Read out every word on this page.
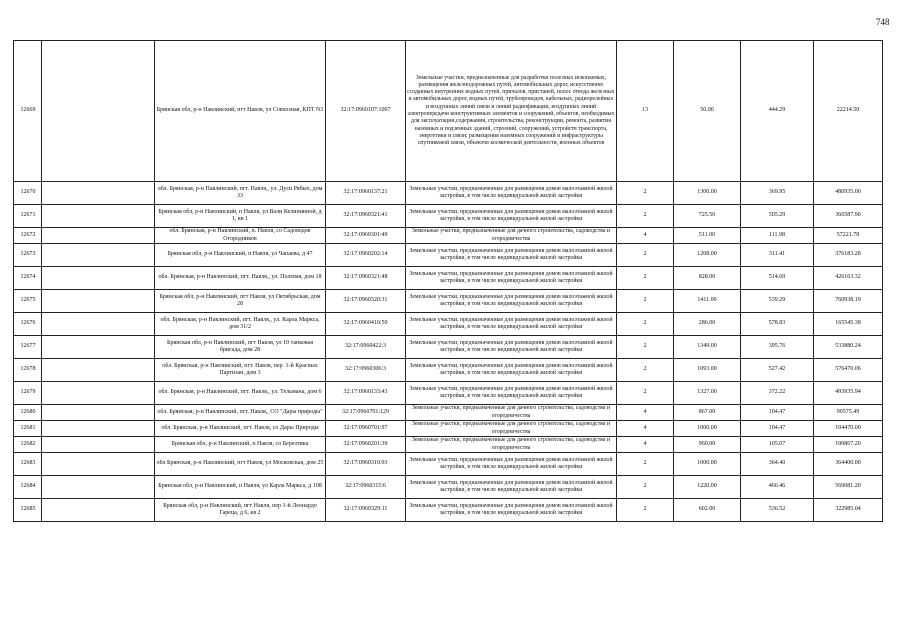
748
12669		Брянская обл, р-н Навлинский, пгт Навля, ул Совхозная, КПТ N3	32:17:0960107:1007	Земельные участки, предназначенные для разработки полезных ископаемых, размещения железнодорожных путей, автомобильных дорог, искусственно созданных внутренних водных путей, причалов, пристаней, полос отвода железных и автомобильных дорог, водных путей, трубопроводов, кабельных, радиорелейных и воздушных линий связи и линий радиофикации, воздушных линий электропередачи конструктивных элементов и сооружений, объектов, необходимых для эксплуатации,содержания, строительства, реконструкции, ремонта, развития наземных и подземных зданий, строений, сооружений, устройств транспорта, энергетики и связи; размещения наземных сооружений и инфраструктуры спутниковой связи, объектов космической деятельности, военных объектов	13	50.00	444.29	22214.50
12670		обл. Брянская, р-н Навлинский, пгт. Навля,, ул. Дуси Рябых, дом 33	32:17:0960137:21	Земельные участки, предназначенные для размещения домов малоэтажной жилой застройки, в том числе индивидуальной жилой застройки	2	1300.00	369.95	480935.00
12671		Брянская обл, р-н Навлинский, п Навля, ул Вали Келининной, д 1, кв 1	32:17:0960321:41	Земельные участки, предназначенные для размещения домов малоэтажной жилой застройки, в том числе индивидуальной жилой застройки	2	725.50	505.29	366587.90
12672		обл. Брянская, р-н Навлинский, п. Навля, со Садоводов Огородников	32:17:0960301:49	Земельные участки, предназначенные для дачного строительства, садоводства и огородничества	4	511.00	111.98	57221.78
12673		Брянская обл, р-н Навлинский, п Навля, ул Чапаева, д 47	32:17:0960202:14	Земельные участки, предназначенные для размещения домов малоэтажной жилой застройки, в том числе индивидуальной жилой застройки	2	1208.00	311.41	376183.28
12674		обл. Брянская, р-н Навлинский, пгт. Навля,, ул. Полевая, дом 18	32:17:0960321:48	Земельные участки, предназначенные для размещения домов малоэтажной жилой застройки, в том числе индивидуальной жилой застройки	2	828.00	514.69	426163.32
12675		Брянская обл, р-н Навлинский, пгт Навля, ул Октябрьская, дом 28	32:17:0960320:31	Земельные участки, предназначенные для размещения домов малоэтажной жилой застройки, в том числе индивидуальной жилой застройки	2	1411.00	539.29	760938.19
12676		обл. Брянская, р-н Навлинский, пгт. Навля,, ул. Карла Маркса, дом 31/2	32:17:0960410:50	Земельные участки, предназначенные для размещения домов малоэтажной жилой застройки, в том числе индивидуальной жилой застройки	2	286.00	578.83	165545.38
12677		Брянская обл, р-н Навлинский, пгт Навля, ул 10 танковая бригада, дом 28	32:17:0960422:3	Земельные участки, предназначенные для размещения домов малоэтажной жилой застройки, в том числе индивидуальной жилой застройки	2	1349.00	395.76	533880.24
12678		обл. Брянская, р-н Навлинский, пгт. Навля, пер. 1-й Красных Партизан, дом 3	32:17:0960306:3	Земельные участки, предназначенные для размещения домов малоэтажной жилой застройки, в том числе индивидуальной жилой застройки	2	1093.00	527.42	576470.06
12679		обл. Брянская, р-н Навлинский, пгт. Навля,, ул. Тельмана, дом 6	32:17:0960133:43	Земельные участки, предназначенные для размещения домов малоэтажной жилой застройки, в том числе индивидуальной жилой застройки	2	1327.00	372.22	493935.94
12680		обл. Брянская, р-н Навлинский, пгт. Навля,, СО "Дары природы"	32:17:0960701:129	Земельные участки, предназначенные для дачного строительства, садоводства и огородничества	4	867.00	104.47	90575.49
12681		обл. Брянская, р-н Навлинский, пгт. Навля, со Дары Природы	32:17:0960701:97	Земельные участки, предназначенные для дачного строительства, садоводства и огородничества	4	1000.00	104.47	104470.00
12682		Брянская обл, р-н Навлинский, п Навля, со Березтика	32:17:0960201:39	Земельные участки, предназначенные для дачного строительства, садоводства и огородничества	4	960.00	105.07	100867.20
12683		обл Брянская, р-н Навлинский, пгт Навля, ул Московская, дом 25	32:17:0960310:93	Земельные участки, предназначенные для размещения домов малоэтажной жилой застройки, в том числе индивидуальной жилой застройки	2	1000.00	364.40	364400.00
12684		Брянская обл, р-н Навлинский, п Навля, ул Карла Маркса, д 108	32:17:0960315:6	Земельные участки, предназначенные для размещения домов малоэтажной жилой застройки, в том числе индивидуальной жилой застройки	2	1220.00	466.46	569081.20
12685		Брянская обл, р-н Навлинский, пгт Навля, пер 1-й Леонардо Гареца, д 6, кв 2	32:17:0960329:11	Земельные участки, предназначенные для размещения домов малоэтажной жилой застройки, в том числе индивидуальной жилой застройки	2	602.00	536.52	322985.04
